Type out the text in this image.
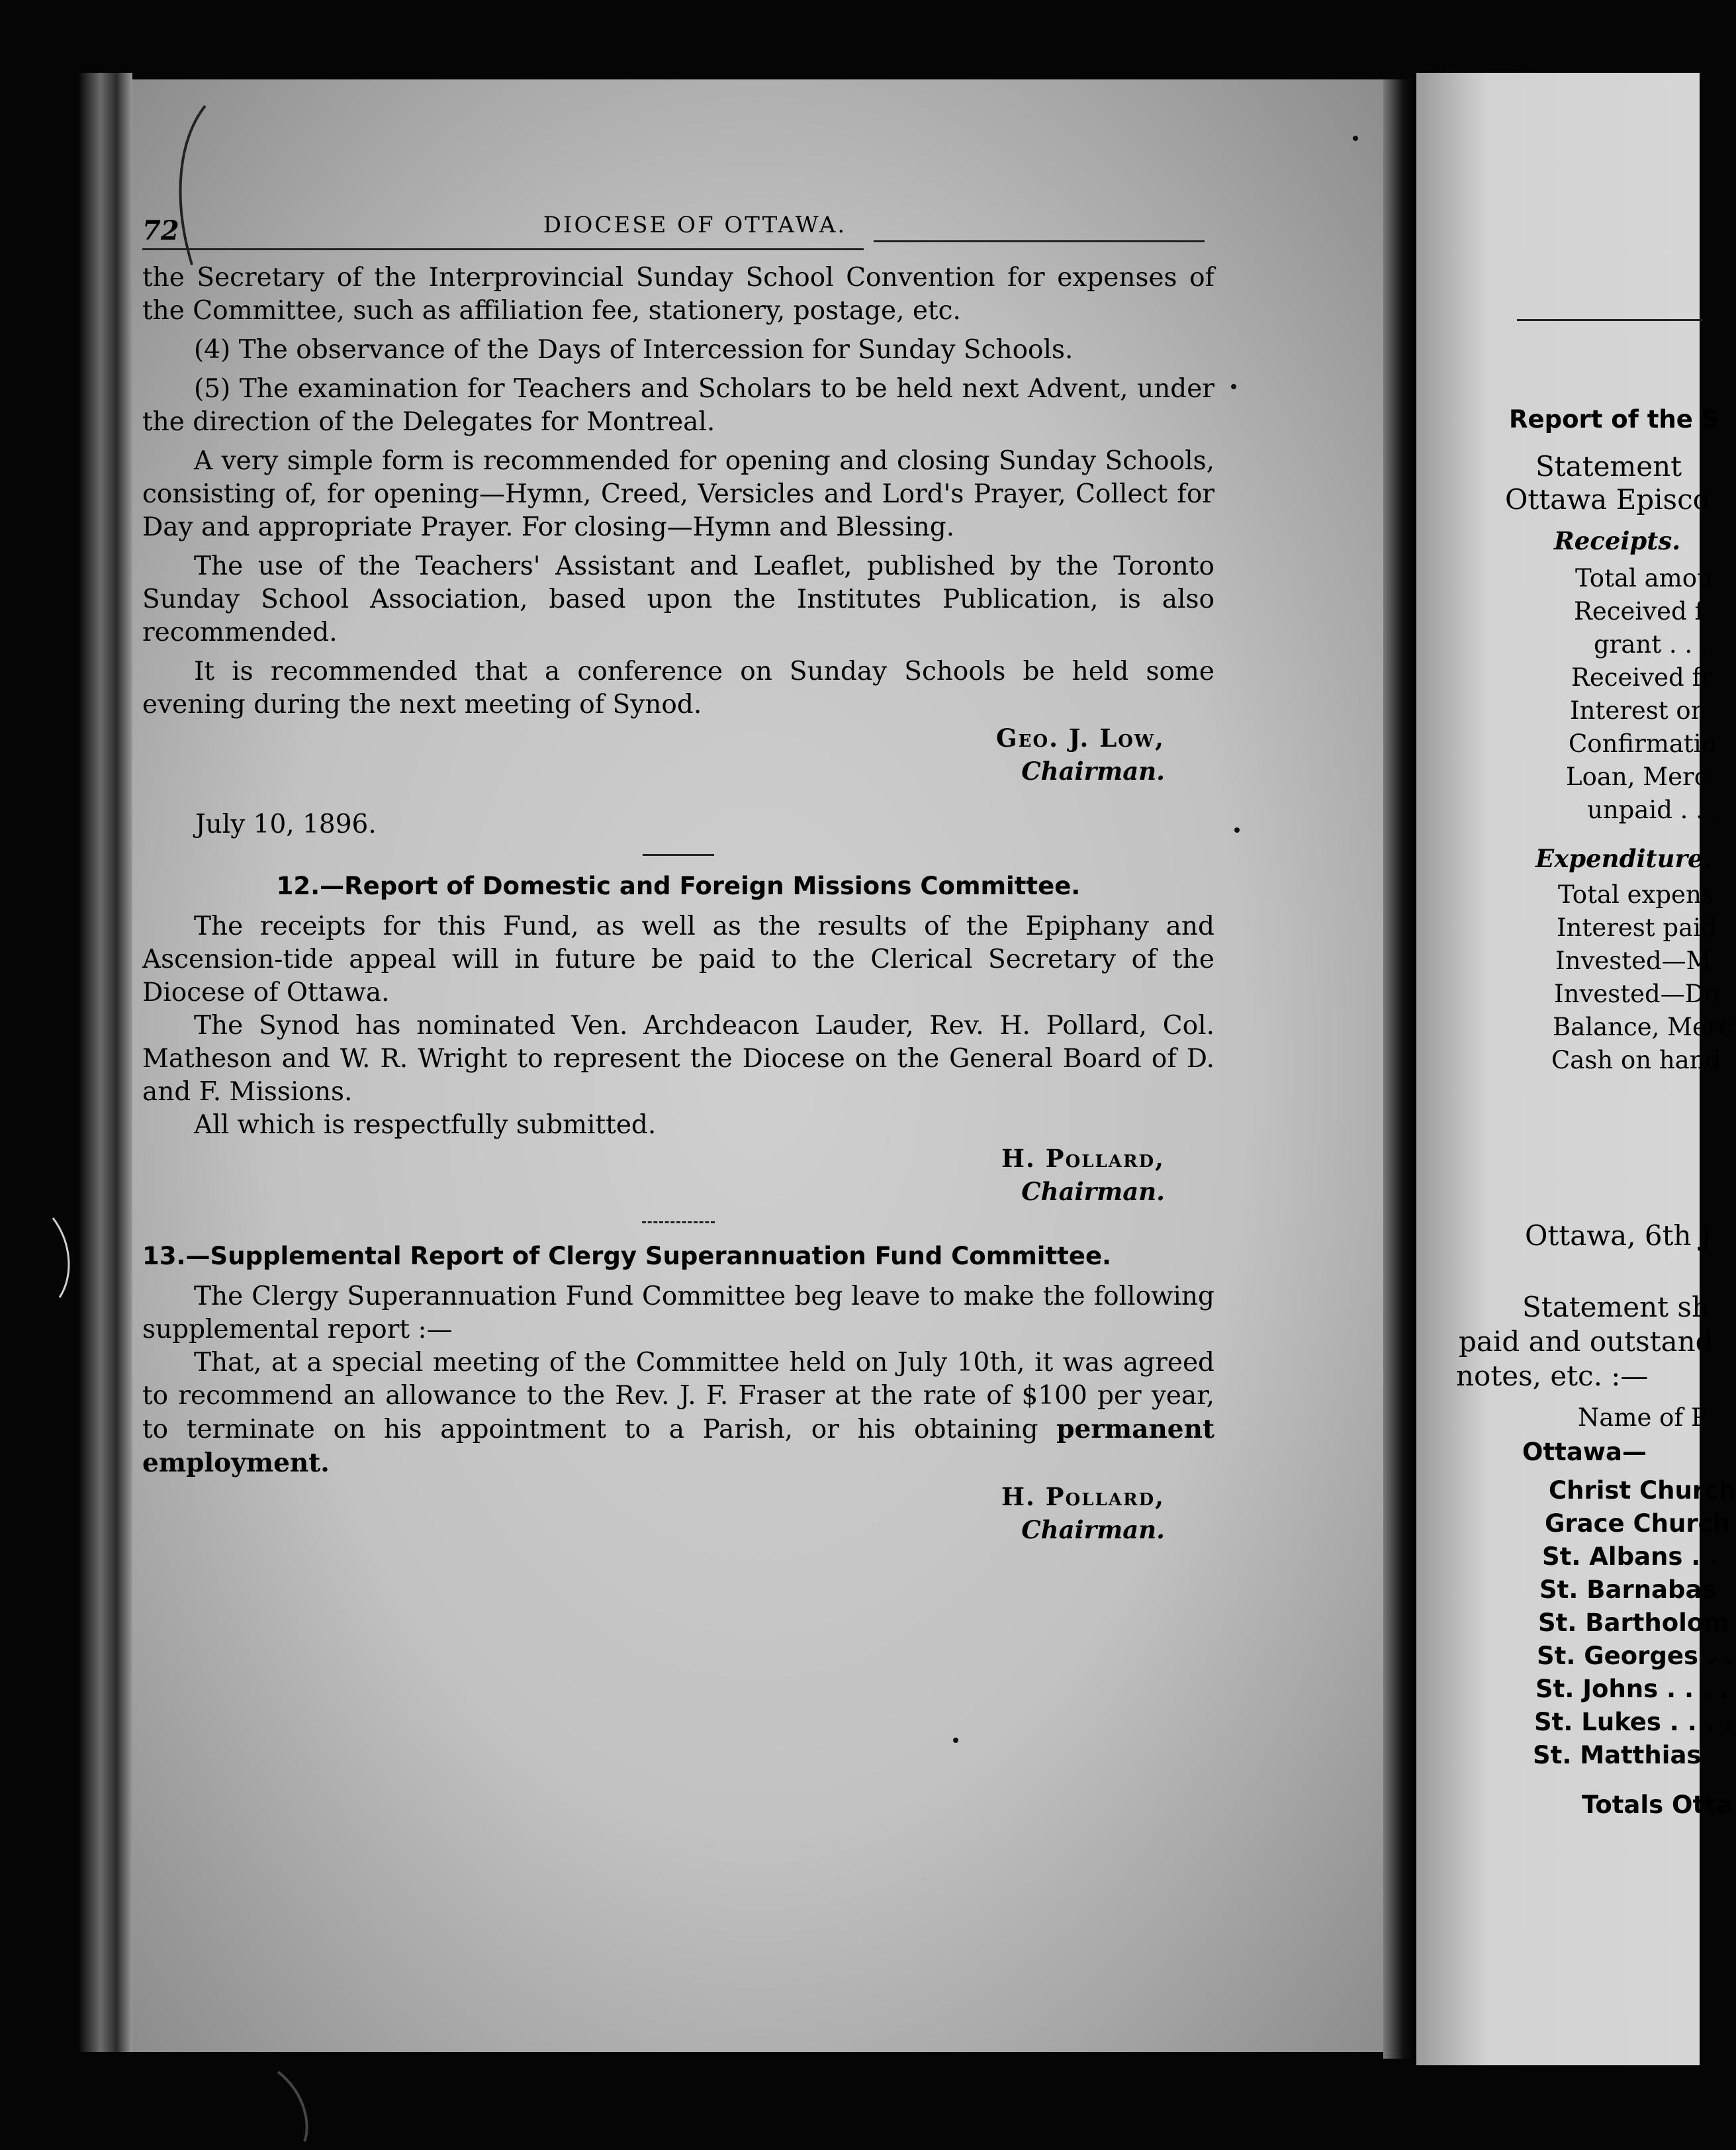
72	DIOCESE OF OTTAWA.

the Secretary of the Interprovincial Sunday School Convention for expenses of the Committee, such as affiliation fee, stationery, postage, etc.

(4) The observance of the Days of Intercession for Sunday Schools.

(5) The examination for Teachers and Scholars to be held next Advent, under the direction of the Delegates for Montreal.

A very simple form is recommended for opening and closing Sunday Schools, consisting of, for opening—Hymn, Creed, Versicles and Lord's Prayer, Collect for Day and appropriate Prayer. For closing—Hymn and Blessing.

The use of the Teachers' Assistant and Leaflet, published by the Toronto Sunday School Association, based upon the Institutes Publication, is also recommended.

It is recommended that a conference on Sunday Schools be held some evening during the next meeting of Synod.

Geo. J. Low,
Chairman.
July 10, 1896.
12.—Report of Domestic and Foreign Missions Committee.

The receipts for this Fund, as well as the results of the Epiphany and Ascension-tide appeal will in future be paid to the Clerical Secretary of the Diocese of Ottawa.

The Synod has nominated Ven. Archdeacon Lauder, Rev. H. Pollard, Col. Matheson and W. R. Wright to represent the Diocese on the General Board of D. and F. Missions.

All which is respectfully submitted.

H. Pollard,
Chairman.
13.—Supplemental Report of Clergy Superannuation Fund Committee.

The Clergy Superannuation Fund Committee beg leave to make the following supplemental report :—

That, at a special meeting of the Committee held on July 10th, it was agreed to recommend an allowance to the Rev. J. F. Fraser at the rate of $100 per year, to terminate on his appointment to a Parish, or his obtaining permanent employment.

H. Pollard,
Chairman.
Report of the S
Statement
Ottawa Episco
Receipts.
Total amou
Received f
grant . . .
Received fr
Interest on
Confirmatio
Loan, Merc
unpaid . . .
Expenditure.
Total expens
Interest paid
Invested—M
Invested—Do
Balance, Merc
Cash on hand
Ottawa, 6th J
Statement sh
paid and outstand
notes, etc. :—
Name of P
Ottawa—
Christ Church
Grace Church
St. Albans . .
St. Barnabas
St. Bartholom
St. Georges . .
St. Johns . . . .
St. Lukes . . . .
St. Matthias
Totals Otta
